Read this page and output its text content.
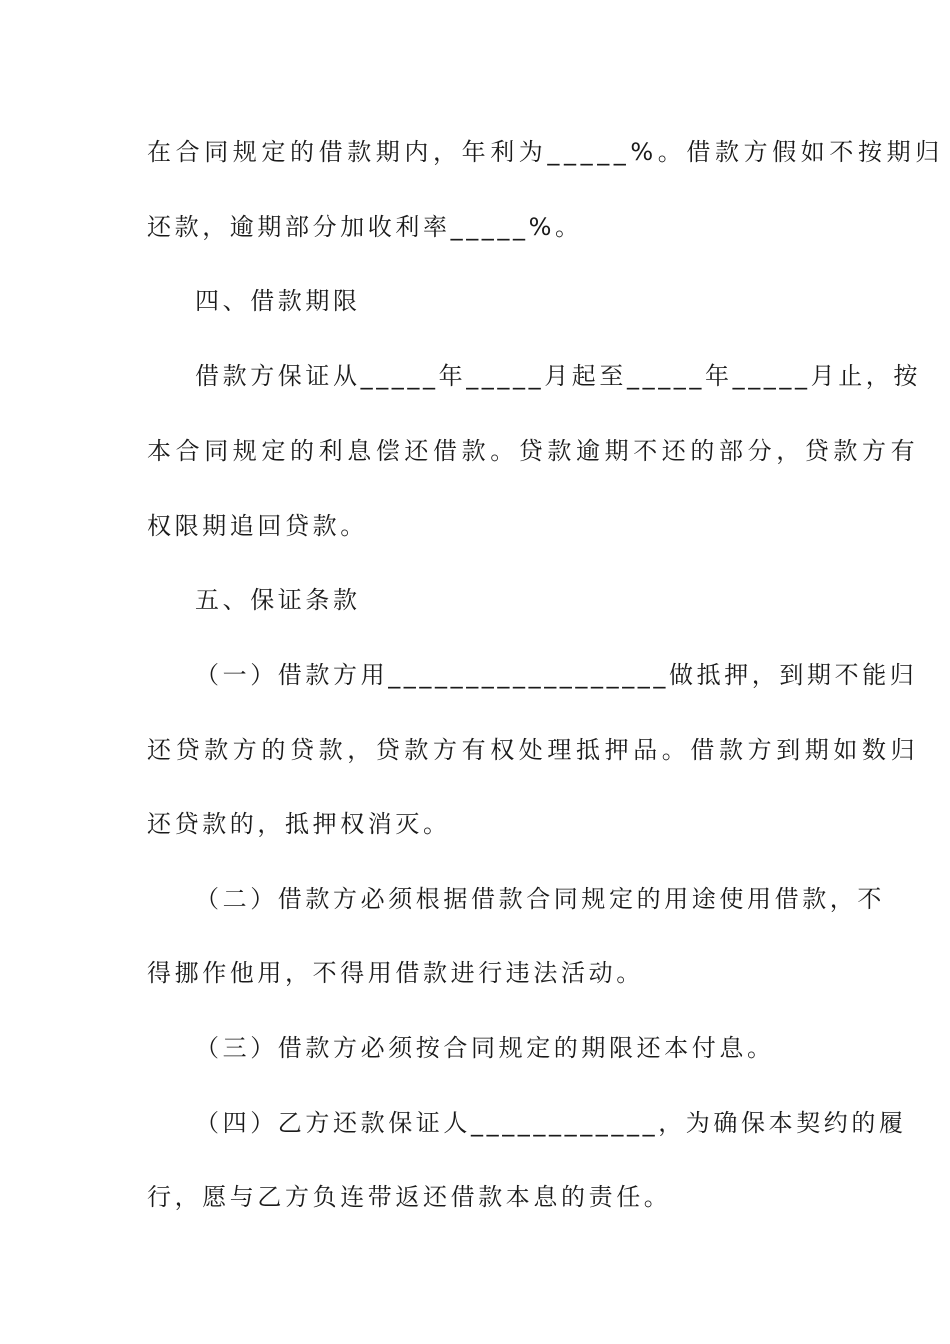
在合同规定的借款期内，年利为_____%。借款方假如不按期归
还款，逾期部分加收利率_____%。
四、借款期限
借款方保证从_____年_____月起至_____年_____月止，按
本合同规定的利息偿还借款。贷款逾期不还的部分，贷款方有
权限期追回贷款。
五、保证条款
（一）借款方用__________________做抵押，到期不能归
还贷款方的贷款，贷款方有权处理抵押品。借款方到期如数归
还贷款的，抵押权消灭。
（二）借款方必须根据借款合同规定的用途使用借款，不
得挪作他用，不得用借款进行违法活动。
（三）借款方必须按合同规定的期限还本付息。
（四）乙方还款保证人____________，为确保本契约的履
行，愿与乙方负连带返还借款本息的责任。
